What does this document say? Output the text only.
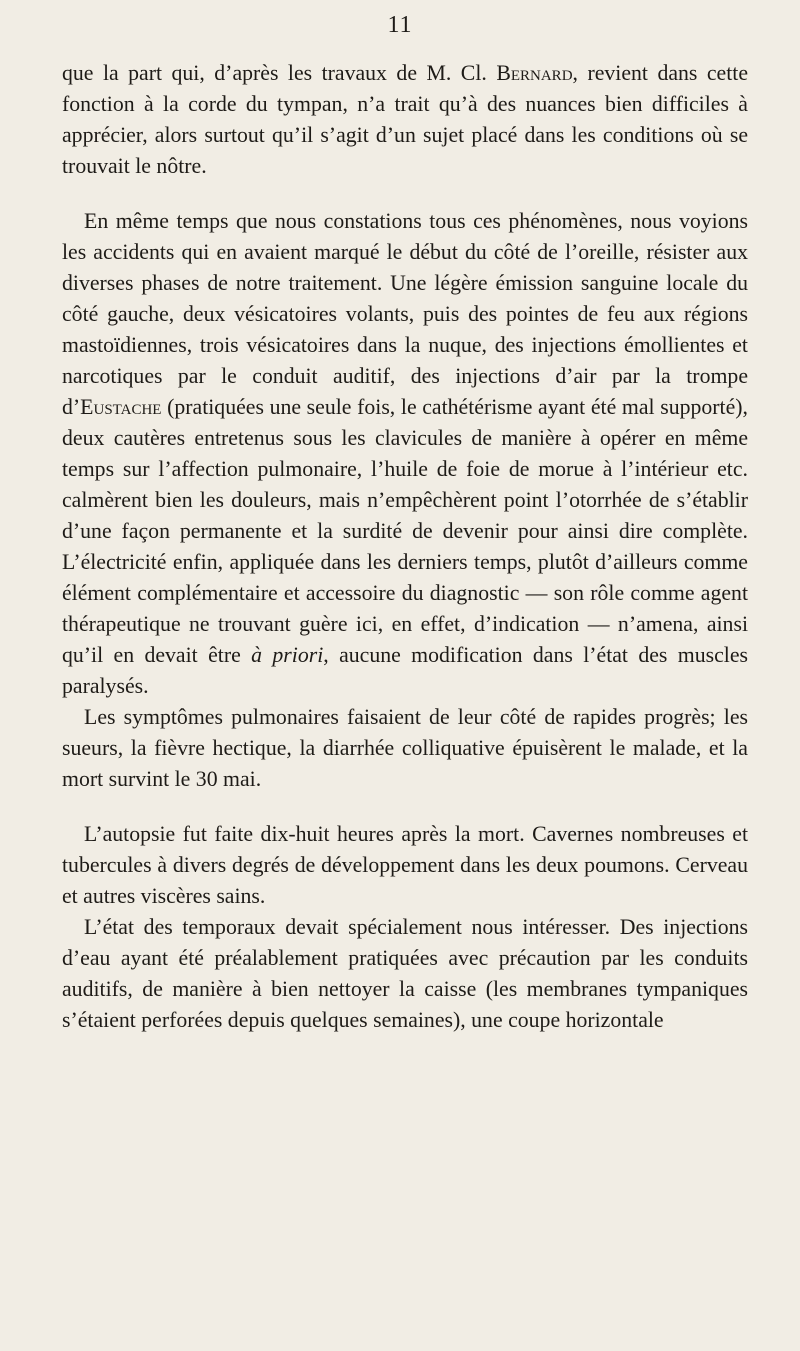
11

que la part qui, d’après les travaux de M. Cl. Bernard, revient dans cette fonction à la corde du tympan, n’a trait qu’à des nuances bien difficiles à apprécier, alors surtout qu’il s’agit d’un sujet placé dans les conditions où se trouvait le nôtre.

En même temps que nous constations tous ces phénomènes, nous voyions les accidents qui en avaient marqué le début du côté de l’oreille, résister aux diverses phases de notre traitement. Une légère émission sanguine locale du côté gauche, deux vésicatoires volants, puis des pointes de feu aux régions mastoïdiennes, trois vésicatoires dans la nuque, des injections émollientes et narcotiques par le conduit auditif, des injections d’air par la trompe d’Eustache (pratiquées une seule fois, le cathétérisme ayant été mal supporté), deux cautères entretenus sous les clavicules de manière à opérer en même temps sur l’affection pulmonaire, l’huile de foie de morue à l’intérieur etc. calmèrent bien les douleurs, mais n’empêchèrent point l’otorrhée de s’établir d’une façon permanente et la surdité de devenir pour ainsi dire complète. L’électricité enfin, appliquée dans les derniers temps, plutôt d’ailleurs comme élément complémentaire et accessoire du diagnostic — son rôle comme agent thérapeutique ne trouvant guère ici, en effet, d’indication — n’amena, ainsi qu’il en devait être à priori, aucune modification dans l’état des muscles paralysés.

Les symptômes pulmonaires faisaient de leur côté de rapides progrès; les sueurs, la fièvre hectique, la diarrhée colliquative épuisèrent le malade, et la mort survint le 30 mai.

L’autopsie fut faite dix-huit heures après la mort. Cavernes nombreuses et tubercules à divers degrés de développement dans les deux poumons. Cerveau et autres viscères sains.

L’état des temporaux devait spécialement nous intéresser. Des injections d’eau ayant été préalablement pratiquées avec précaution par les conduits auditifs, de manière à bien nettoyer la caisse (les membranes tympaniques s’étaient perforées depuis quelques semaines), une coupe horizontale
